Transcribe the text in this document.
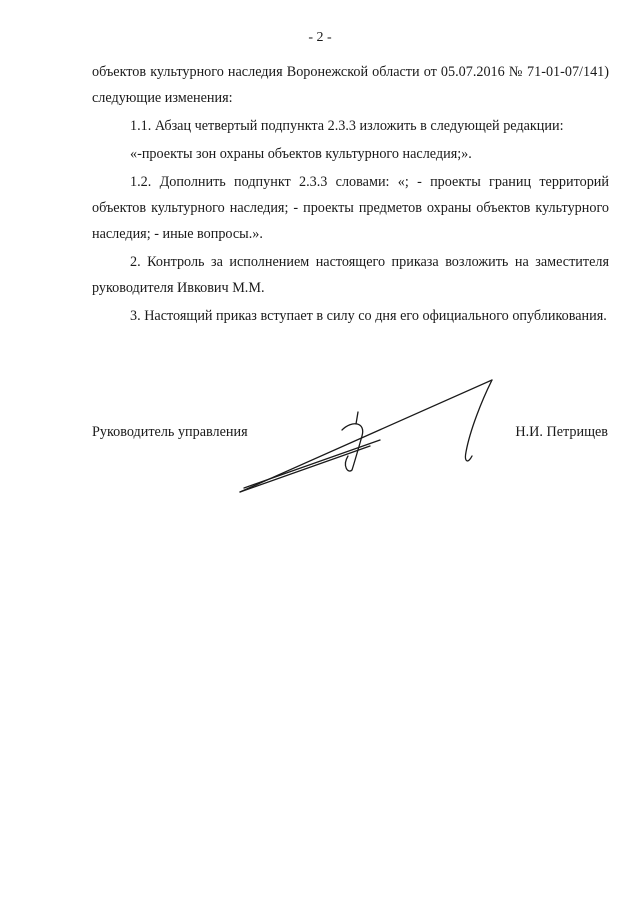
- 2 -

объектов культурного наследия Воронежской области от 05.07.2016 № 71-01-07/141) следующие изменения:

1.1. Абзац четвертый подпункта 2.3.3 изложить в следующей редакции:

«-проекты зон охраны объектов культурного наследия;».

1.2. Дополнить подпункт 2.3.3 словами: «; - проекты границ территорий объектов культурного наследия; - проекты предметов охраны объектов культурного наследия; - иные вопросы.».

2. Контроль за исполнением настоящего приказа возложить на заместителя руководителя Ивкович М.М.

3. Настоящий приказ вступает в силу со дня его официального опубликования.

Руководитель управления	Н.И. Петрищев
